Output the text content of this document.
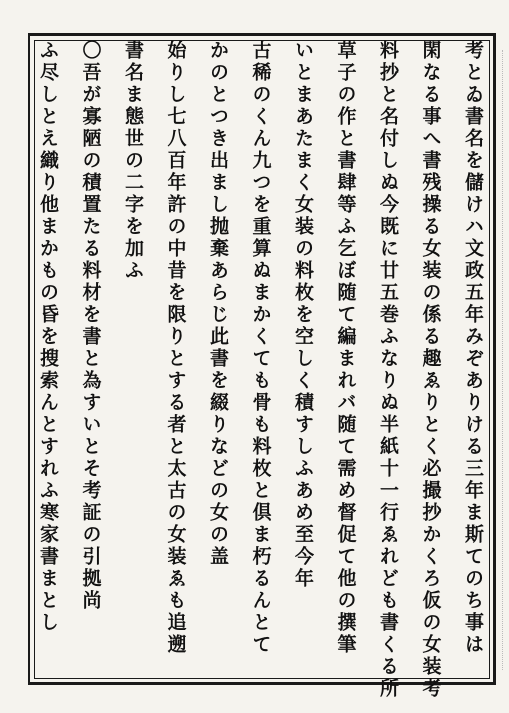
考とゐ書名を儲けハ文政五年みぞありける三年ま斯てのち事は
閑なる事へ書残操る女装の係る趣ゑりとく必撮抄かくろ仮の女装考
料抄と名付しぬ今既に廿五巻ふなりぬ半紙十一行ゑれども書くる所
草子の作と書肆等ふ乞ぼ随て編まれバ随て需め督促て他の撰筆
いとまあたまく女装の料枚を空しく積すしふあめ至今年
古稀のくん九つを重算ぬまかくても骨も料枚と倶ま朽るんとて
かのとつき出まし抛棄あらじ此書を綴りなどの女の盖
始りし七八百年許の中昔を限りとする者と太古の女装ゑも追遡
書名ま態世の二字を加ふ
〇吾が寡陋の積置たる料材を書と為すいとそ考証の引拠尚
ふ尽しとえ織り他まかもの昏を搜索んとすれふ寒家書まとし
